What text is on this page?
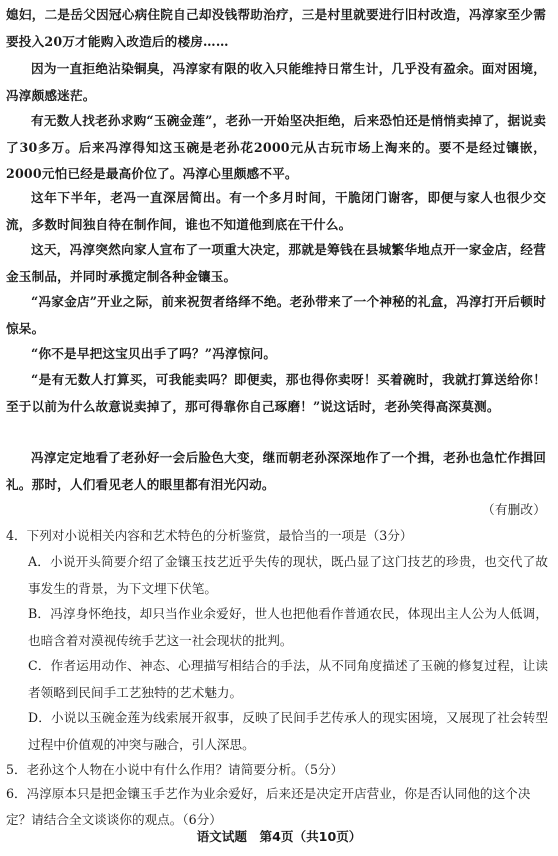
媳妇，二是岳父因冠心病住院自己却没钱帮助治疗，三是村里就要进行旧村改造，冯淳家至少需要投入20万才能购入改造后的楼房……
因为一直拒绝沾染铜臭，冯淳家有限的收入只能维持日常生计，几乎没有盈余。面对困境，冯淳颇感迷茫。
有无数人找老孙求购“玉碗金莲”，老孙一开始坚决拒绝，后来恐怕还是悄悄卖掉了，据说卖了30多万。后来冯淳得知这玉碗是老孙花2000元从古玩市场上淘来的。要不是经过镶嵌，2000元怕已经是最高价位了。冯淳心里颇感不平。
这年下半年，老冯一直深居简出。有一个多月时间，干脆闭门谢客，即便与家人也很少交流，多数时间独自待在制作间，谁也不知道他到底在干什么。
这天，冯淳突然向家人宣布了一项重大决定，那就是筹钱在县城繁华地点开一家金店，经营金玉制品，并同时承揽定制各种金镶玉。
“冯家金店”开业之际，前来祝贺者络绎不绝。老孙带来了一个神秘的礼盒，冯淳打开后顿时惊呆。
“你不是早把这宝贝出手了吗？”冯淳惊问。
“是有无数人打算买，可我能卖吗？即便卖，那也得你卖呀！买着碗时，我就打算送给你！至于以前为什么故意说卖掉了，那可得靠你自己琢磨！”说这话时，老孙笑得高深莫测。
冯淳定定地看了老孙好一会后脸色大变，继而朝老孙深深地作了一个揖，老孙也急忙作揖回礼。那时，人们看见老人的眼里都有泪光闪动。
（有删改）
4．下列对小说相关内容和艺术特色的分析鉴赏，最恰当的一项是（3分）
A．小说开头简要介绍了金镶玉技艺近乎失传的现状，既凸显了这门技艺的珍贵，也交代了故事发生的背景，为下文埋下伏笔。
B．冯淳身怀绝技，却只当作业余爱好，世人也把他看作普通农民，体现出主人公为人低调，也暗含着对漠视传统手艺这一社会现状的批判。
C．作者运用动作、神态、心理描写相结合的手法，从不同角度描述了玉碗的修复过程，让读者领略到民间手工艺独特的艺术魅力。
D．小说以玉碗金莲为线索展开叙事，反映了民间手艺传承人的现实困境，又展现了社会转型过程中价值观的冲突与融合，引人深思。
5．老孙这个人物在小说中有什么作用？请简要分析。（5分）
6．冯淳原本只是把金镶玉手艺作为业余爱好，后来还是决定开店营业，你是否认同他的这个决定？请结合全文谈谈你的观点。（6分）
语文试题　第4页（共10页）
